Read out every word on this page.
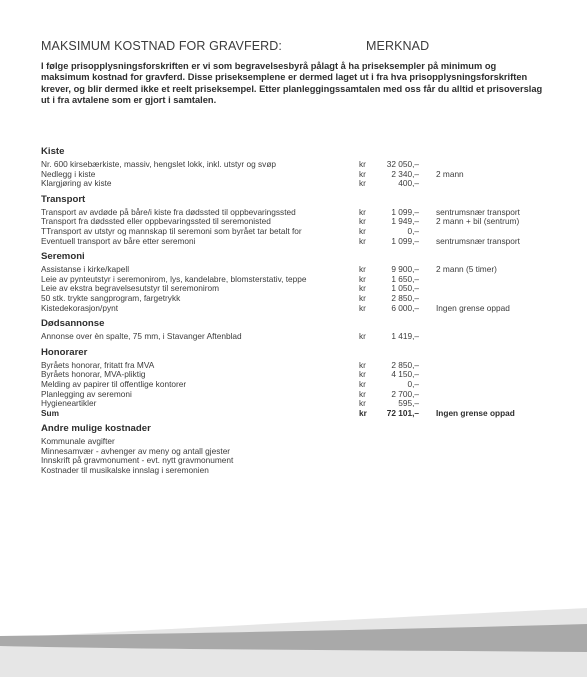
MAKSIMUM KOSTNAD FOR GRAVFERD:	MERKNAD
I følge prisopplysningsforskriften er vi som begravelsesbyrå pålagt å ha priseksempler på minimum og maksimum kostnad for gravferd. Disse priseksemplene er dermed laget ut i fra hva prisopplysningsforskriften krever, og blir dermed ikke et reelt priseksempel. Etter planleggingssamtalen med oss får du alltid et prisoverslag ut i fra avtalene som er gjort i samtalen.
Kiste
Nr. 600 kirsebærkiste, massiv, hengslet lokk, inkl. utstyr og svøp	kr	32 050,–
Nedlegg i kiste	kr	2 340,– 2 mann
Klargjøring av kiste	kr	400,–
Transport
Transport av avdøde på båre/i kiste fra dødssted til oppbevaringssted	kr	1 099,– sentrumsnær transport
Transport fra dødssted eller oppbevaringssted til seremonisted	kr	1 949,– 2 mann + bil (sentrum)
TTransport av utstyr og mannskap til seremoni som byrået tar betalt for	kr	0,–
Eventuell transport av båre etter seremoni	kr	1 099,– sentrumsnær transport
Seremoni
Assistanse i kirke/kapell	kr	9 900,– 2 mann (5 timer)
Leie av pynteutstyr i seremonirom, lys, kandelabre, blomsterstativ, teppe	kr	1 650,–
Leie av ekstra begravelsesutstyr til seremonirom	kr	1 050,–
50 stk. trykte sangprogram, fargetrykk	kr	2 850,–
Kistedekorasjon/pynt	kr	6 000,– Ingen grense oppad
Dødsannonse
Annonse over èn spalte, 75 mm, i Stavanger Aftenblad	kr	1 419,–
Honorarer
Byråets honorar, fritatt fra MVA	kr	2 850,–
Byråets honorar, MVA-pliktig	kr	4 150,–
Melding av papirer til offentlige kontorer	kr	0,–
Planlegging av seremoni	kr	2 700,–
Hygieneartikler	kr	595,–
Sum	kr	72 101,– Ingen grense oppad
Andre mulige kostnader
Kommunale avgifter
Minnesamvær - avhenger av meny og antall gjester
Innskrift på gravmonument - evt. nytt gravmonument
Kostnader til musikalske innslag i seremonien
